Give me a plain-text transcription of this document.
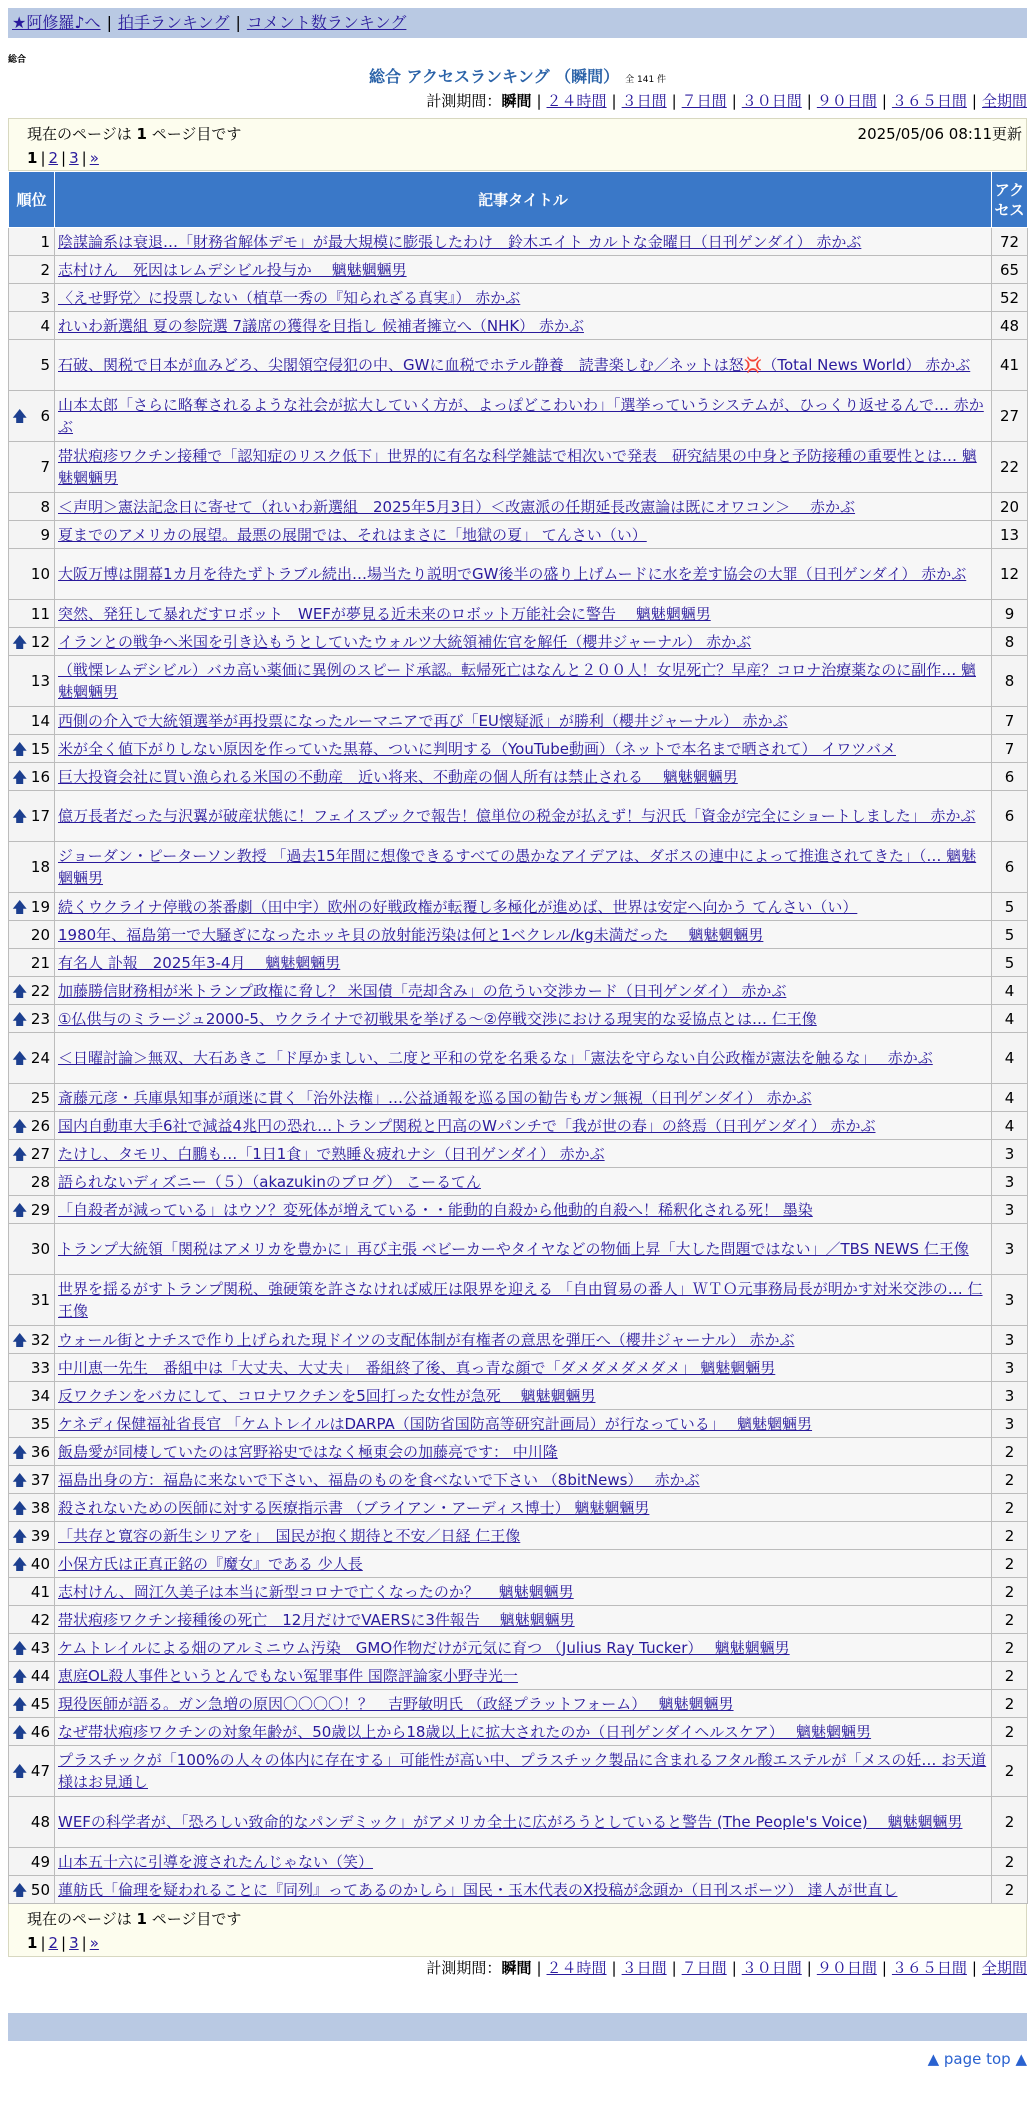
★阿修羅♪へ | 拍手ランキング | コメント数ランキング
総合
総合 アクセスランキング （瞬間） 全 141 件
計測期間：瞬間 | ２４時間 | ３日間 | ７日間 | ３０日間 | ９０日間 | ３６５日間 | 全期間
現在のページは 1 ページ目です	2025/05/06 08:11更新
1 | 2 | 3 | »
順位	記事タイトル	アクセス
1	陰謀論系は衰退…「財務省解体デモ」が最大規模に膨張したわけ　鈴木エイト カルトな金曜日（日刊ゲンダイ） 赤かぶ	72
2	志村けん　死因はレムデシビル投与か　 魑魅魍魎男	65
3	〈えせ野党〉に投票しない（植草一秀の『知られざる真実』） 赤かぶ	52
4	れいわ新選組 夏の参院選 7議席の獲得を目指し 候補者擁立へ（NHK） 赤かぶ	48
5	石破、関税で日本が血みどろ、尖閣領空侵犯の中、GWに血税でホテル静養　読書楽しむ／ネットは怒💢（Total News World） 赤かぶ	41

🡅 6	山本太郎「さらに略奪されるような社会が拡大していく方が、よっぽどこわいわ」「選挙っていうシステムが、ひっくり返せるんで… 赤かぶ	27
7	帯状疱疹ワクチン接種で「認知症のリスク低下」世界的に有名な科学雑誌で相次いで発表　研究結果の中身と予防接種の重要性とは… 魑魅魍魎男	22
8	＜声明＞憲法記念日に寄せて（れいわ新選組　2025年5月3日）＜改憲派の任期延長改憲論は既にオワコン＞　 赤かぶ	20
9	夏までのアメリカの展望。最悪の展開では、それはまさに「地獄の夏」 てんさい（い）	13
10	大阪万博は開幕1カ月を待たずトラブル続出…場当たり説明でGW後半の盛り上げムードに水を差す協会の大罪（日刊ゲンダイ） 赤かぶ	12
11	突然、発狂して暴れだすロボット　WEFが夢見る近未来のロボット万能社会に警告　 魑魅魍魎男	9

🡅 12	イランとの戦争へ米国を引き込もうとしていたウォルツ大統領補佐官を解任（櫻井ジャーナル） 赤かぶ	8
13	（戦慄レムデシビル）バカ高い薬価に異例のスピード承認。転帰死亡はなんと２００人！女児死亡？早産？コロナ治療薬なのに副作… 魑魅魍魎男	8
14	西側の介入で大統領選挙が再投票になったルーマニアで再び「EU懐疑派」が勝利（櫻井ジャーナル） 赤かぶ	7

🡅 15	米が全く値下がりしない原因を作っていた黒幕、ついに判明する（YouTube動画）（ネットで本名まで晒されて） イワツバメ	7

🡅 16	巨大投資会社に買い漁られる米国の不動産　近い将来、不動産の個人所有は禁止される　 魑魅魍魎男	6

🡅 17	億万長者だった与沢翼が破産状態に！フェイスブックで報告！億単位の税金が払えず！与沢氏「資金が完全にショートしました」 赤かぶ	6
18	ジョーダン・ピーターソン教授 「過去15年間に想像できるすべての愚かなアイデアは、ダボスの連中によって推進されてきた」（… 魑魅魍魎男	6

🡅 19	続くウクライナ停戦の茶番劇（田中宇）欧州の好戦政権が転覆し多極化が進めば、世界は安定へ向かう てんさい（い）	5
20	1980年、福島第一で大騒ぎになったホッキ貝の放射能汚染は何と1ベクレル/kg未満だった　 魑魅魍魎男	5
21	有名人 訃報　2025年3-4月　 魑魅魍魎男	5

🡅 22	加藤勝信財務相が米トランプ政権に脅し？ 米国債「売却含み」の危うい交渉カード（日刊ゲンダイ） 赤かぶ	4

🡅 23	①仏供与のミラージュ2000-5、ウクライナで初戦果を挙げる～②停戦交渉における現実的な妥協点とは… 仁王像	4

🡅 24	＜日曜討論＞無双、大石あきこ「ド厚かましい、二度と平和の党を名乗るな」「憲法を守らない自公政権が憲法を触るな」　 赤かぶ	4
25	斎藤元彦・兵庫県知事が頑迷に貫く「治外法権」…公益通報を巡る国の勧告もガン無視（日刊ゲンダイ） 赤かぶ	4

🡅 26	国内自動車大手6社で減益4兆円の恐れ…トランプ関税と円高のWパンチで「我が世の春」の終焉（日刊ゲンダイ） 赤かぶ	4

🡅 27	たけし、タモリ、白鵬も…「1日1食」で熟睡＆疲れナシ（日刊ゲンダイ） 赤かぶ	3
28	語られないディズニー（５）（akazukinのブログ） こーるてん	3

🡅 29	「自殺者が減っている」はウソ？変死体が増えている・・能動的自殺から他動的自殺へ！稀釈化される死！ 墨染	3
30	トランプ大統領「関税はアメリカを豊かに」再び主張 ベビーカーやタイヤなどの物価上昇「大した問題ではない」／TBS NEWS 仁王像	3
31	世界を揺るがすトランプ関税、強硬策を許さなければ威圧は限界を迎える 「自由貿易の番人」ＷＴＯ元事務局長が明かす対米交渉の… 仁王像	3

🡅 32	ウォール街とナチスで作り上げられた現ドイツの支配体制が有権者の意思を弾圧へ（櫻井ジャーナル） 赤かぶ	3
33	中川恵一先生　番組中は「大丈夫、大丈夫」　番組終了後、真っ青な顔で「ダメダメダメダメ」 魑魅魍魎男	3
34	反ワクチンをバカにして、コロナワクチンを5回打った女性が急死　 魑魅魍魎男	3
35	ケネディ保健福祉省長官 「ケムトレイルはDARPA（国防省国防高等研究計画局）が行なっている」　 魑魅魍魎男	3

🡅 36	飯島愛が同棲していたのは宮野裕史ではなく極東会の加藤亮です： 中川隆	2

🡅 37	福島出身の方：福島に来ないで下さい、福島のものを食べないで下さい （8bitNews）　 赤かぶ	2

🡅 38	殺されないための医師に対する医療指示書 （ブライアン・アーディス博士） 魑魅魍魎男	2

🡅 39	「共存と寛容の新生シリアを」　国民が抱く期待と不安／日経 仁王像	2

🡅 40	小保方氏は正真正銘の『魔女』である 少人長	2
41	志村けん、岡江久美子は本当に新型コロナで亡くなったのか？　 魑魅魍魎男	2
42	帯状疱疹ワクチン接種後の死亡　12月だけでVAERSに3件報告　 魑魅魍魎男	2

🡅 43	ケムトレイルによる畑のアルミニウム汚染　GMO作物だけが元気に育つ （Julius Ray Tucker）　 魑魅魍魎男	2

🡅 44	恵庭OL殺人事件というとんでもない冤罪事件 国際評論家小野寺光一	2

🡅 45	現役医師が語る。ガン急増の原因〇〇〇〇！？　吉野敏明氏 （政経プラットフォーム）　 魑魅魍魎男	2

🡅 46	なぜ帯状疱疹ワクチンの対象年齢が、50歳以上から18歳以上に拡大されたのか（日刊ゲンダイヘルスケア）　 魑魅魍魎男	2

🡅 47	プラスチックが「100%の人々の体内に存在する」可能性が高い中、プラスチック製品に含まれるフタル酸エステルが「メスの妊… お天道様はお見通し	2
48	WEFの科学者が、「恐ろしい致命的なパンデミック」がアメリカ全土に広がろうとしていると警告 (The People's Voice)　 魑魅魍魎男	2
49	山本五十六に引導を渡されたんじゃない（笑）	2

🡅 50	蓮舫氏「倫理を疑われることに『同列』ってあるのかしら」国民・玉木代表のX投稿が念頭か（日刊スポーツ） 達人が世直し	2
現在のページは 1 ページ目です
1 | 2 | 3 | »
計測期間：瞬間 | ２４時間 | ３日間 | ７日間 | ３０日間 | ９０日間 | ３６５日間 | 全期間
▲ page top ▲
